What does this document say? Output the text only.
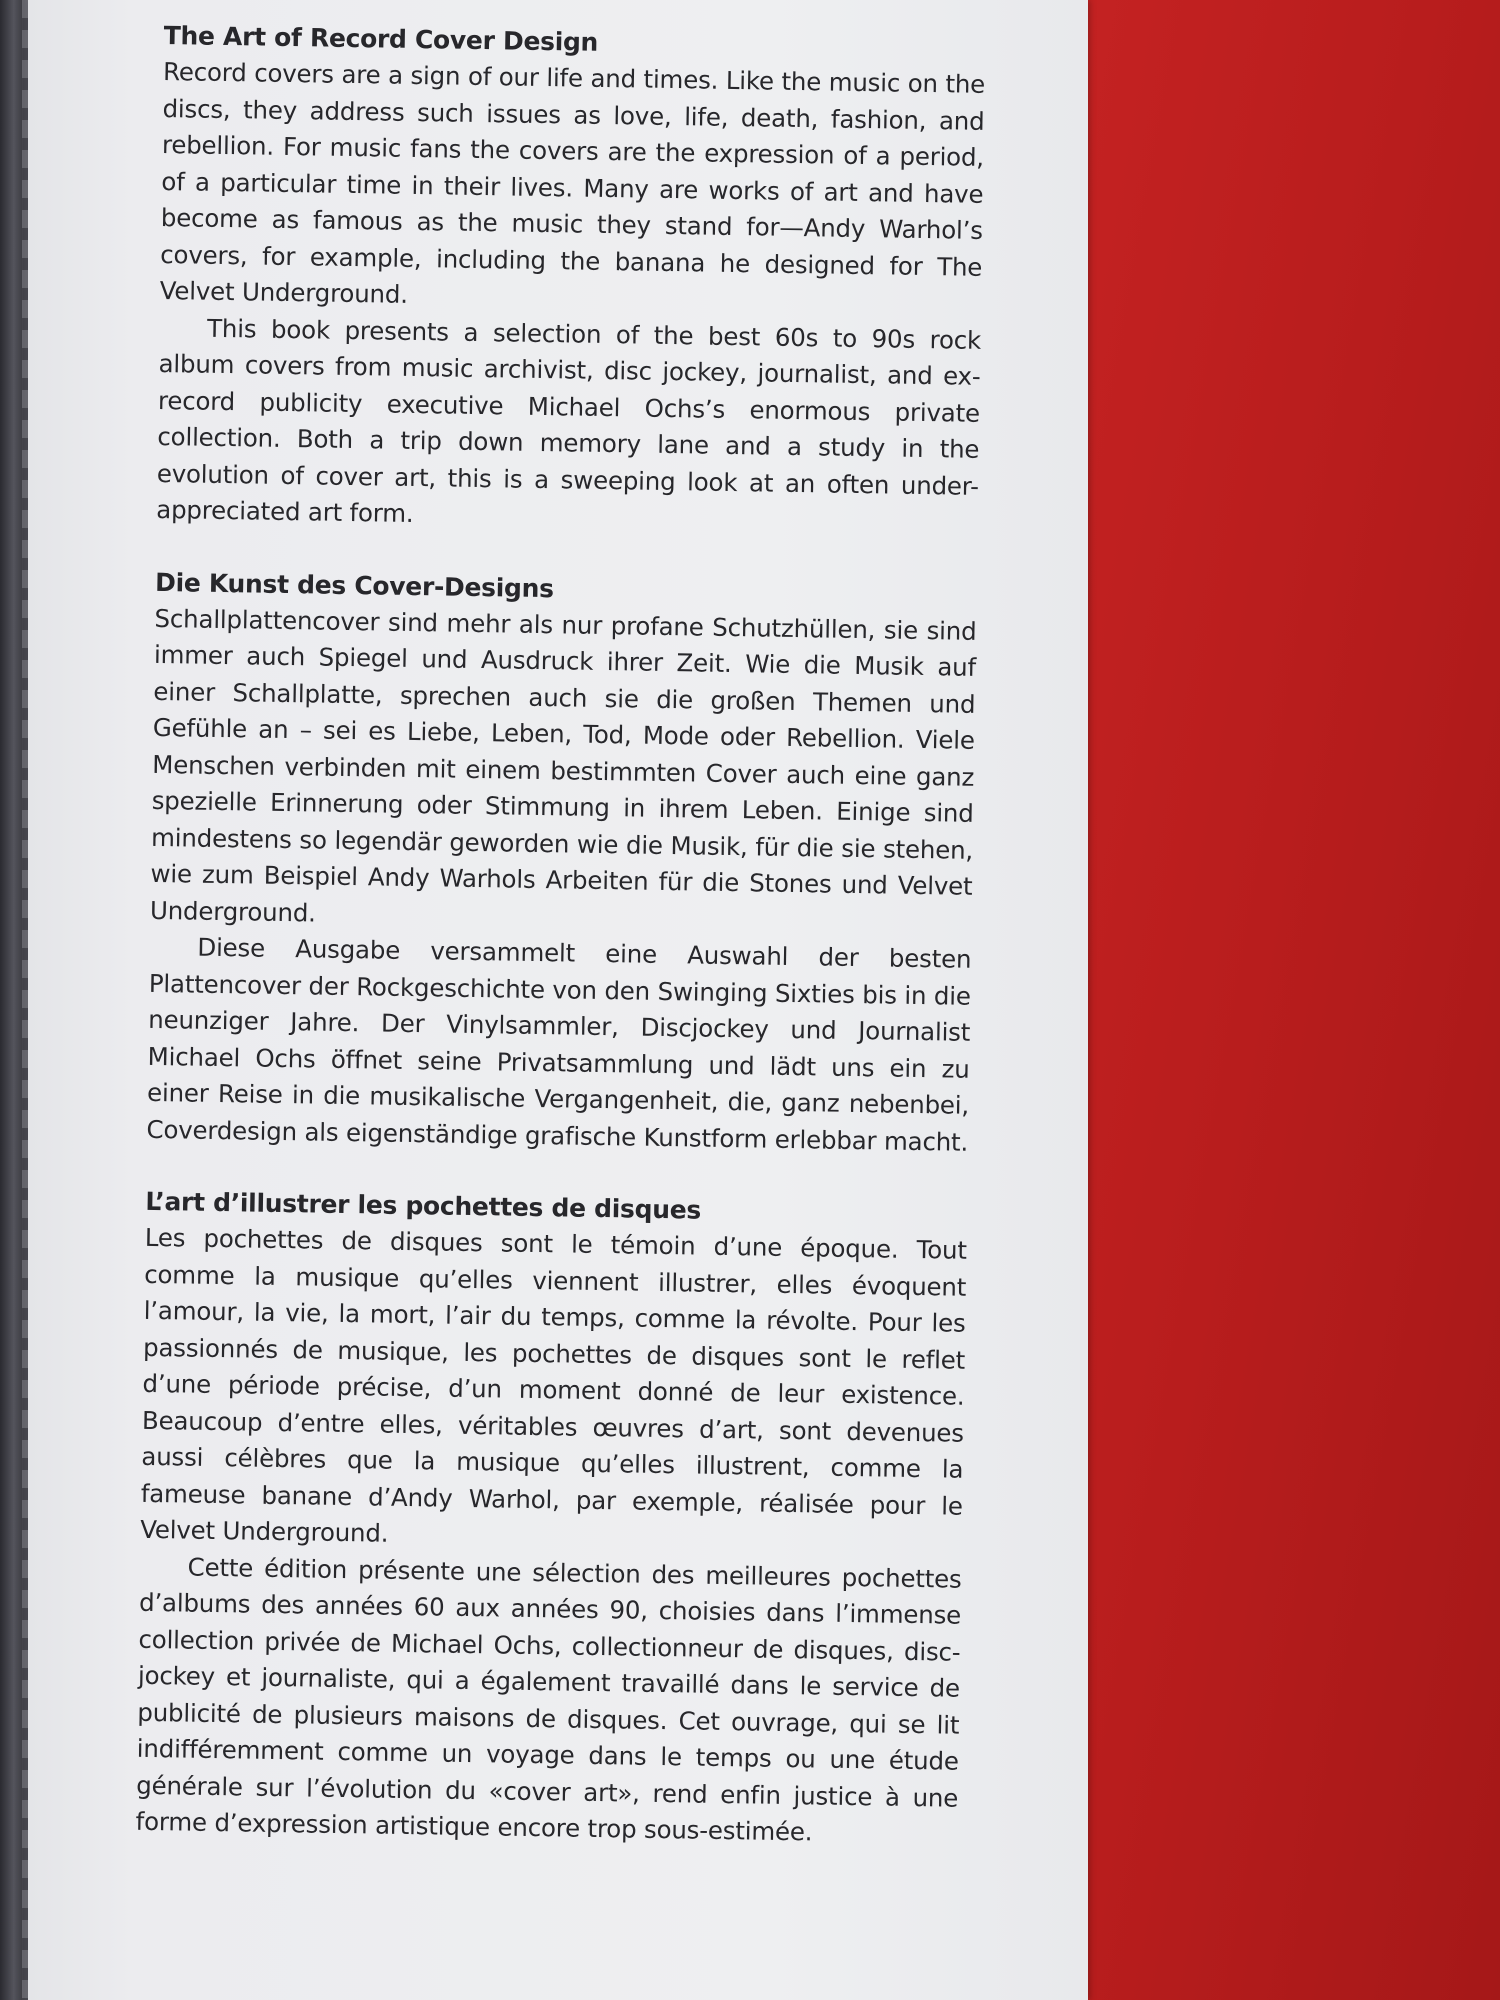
The Art of Record Cover Design

Record covers are a sign of our life and times. Like the music on the discs, they address such issues as love, life, death, fashion, and rebellion. For music fans the covers are the expression of a period, of a particular time in their lives. Many are works of art and have become as famous as the music they stand for—Andy Warhol’s covers, for example, including the banana he designed for The Velvet Underground.

This book presents a selection of the best 60s to 90s rock album covers from music archivist, disc jockey, journalist, and ex-record publicity executive Michael Ochs’s enormous private collection. Both a trip down memory lane and a study in the evolution of cover art, this is a sweeping look at an often under-appreciated art form.

Die Kunst des Cover-Designs

Schallplattencover sind mehr als nur profane Schutzhüllen, sie sind immer auch Spiegel und Ausdruck ihrer Zeit. Wie die Musik auf einer Schallplatte, sprechen auch sie die großen Themen und Gefühle an – sei es Liebe, Leben, Tod, Mode oder Rebellion. Viele Menschen verbinden mit einem bestimmten Cover auch eine ganz spezielle Erinnerung oder Stimmung in ihrem Leben. Einige sind mindestens so legendär geworden wie die Musik, für die sie stehen, wie zum Beispiel Andy Warhols Arbeiten für die Stones und Velvet Underground.

Diese Ausgabe versammelt eine Auswahl der besten Plattencover der Rockgeschichte von den Swinging Sixties bis in die neunziger Jahre. Der Vinylsammler, Discjockey und Journalist Michael Ochs öffnet seine Privatsammlung und lädt uns ein zu einer Reise in die musikalische Vergangenheit, die, ganz nebenbei, Coverdesign als eigenständige grafische Kunstform erlebbar macht.

L’art d’illustrer les pochettes de disques

Les pochettes de disques sont le témoin d’une époque. Tout comme la musique qu’elles viennent illustrer, elles évoquent l’amour, la vie, la mort, l’air du temps, comme la révolte. Pour les passionnés de musique, les pochettes de disques sont le reflet d’une période précise, d’un moment donné de leur existence. Beaucoup d’entre elles, véritables œuvres d’art, sont devenues aussi célèbres que la musique qu’elles illustrent, comme la fameuse banane d’Andy Warhol, par exemple, réalisée pour le Velvet Underground.

Cette édition présente une sélection des meilleures pochettes d’albums des années 60 aux années 90, choisies dans l’immense collection privée de Michael Ochs, collectionneur de disques, disc-jockey et journaliste, qui a également travaillé dans le service de publicité de plusieurs maisons de disques. Cet ouvrage, qui se lit indifféremment comme un voyage dans le temps ou une étude générale sur l’évolution du «cover art», rend enfin justice à une forme d’expression artistique encore trop sous-estimée.
